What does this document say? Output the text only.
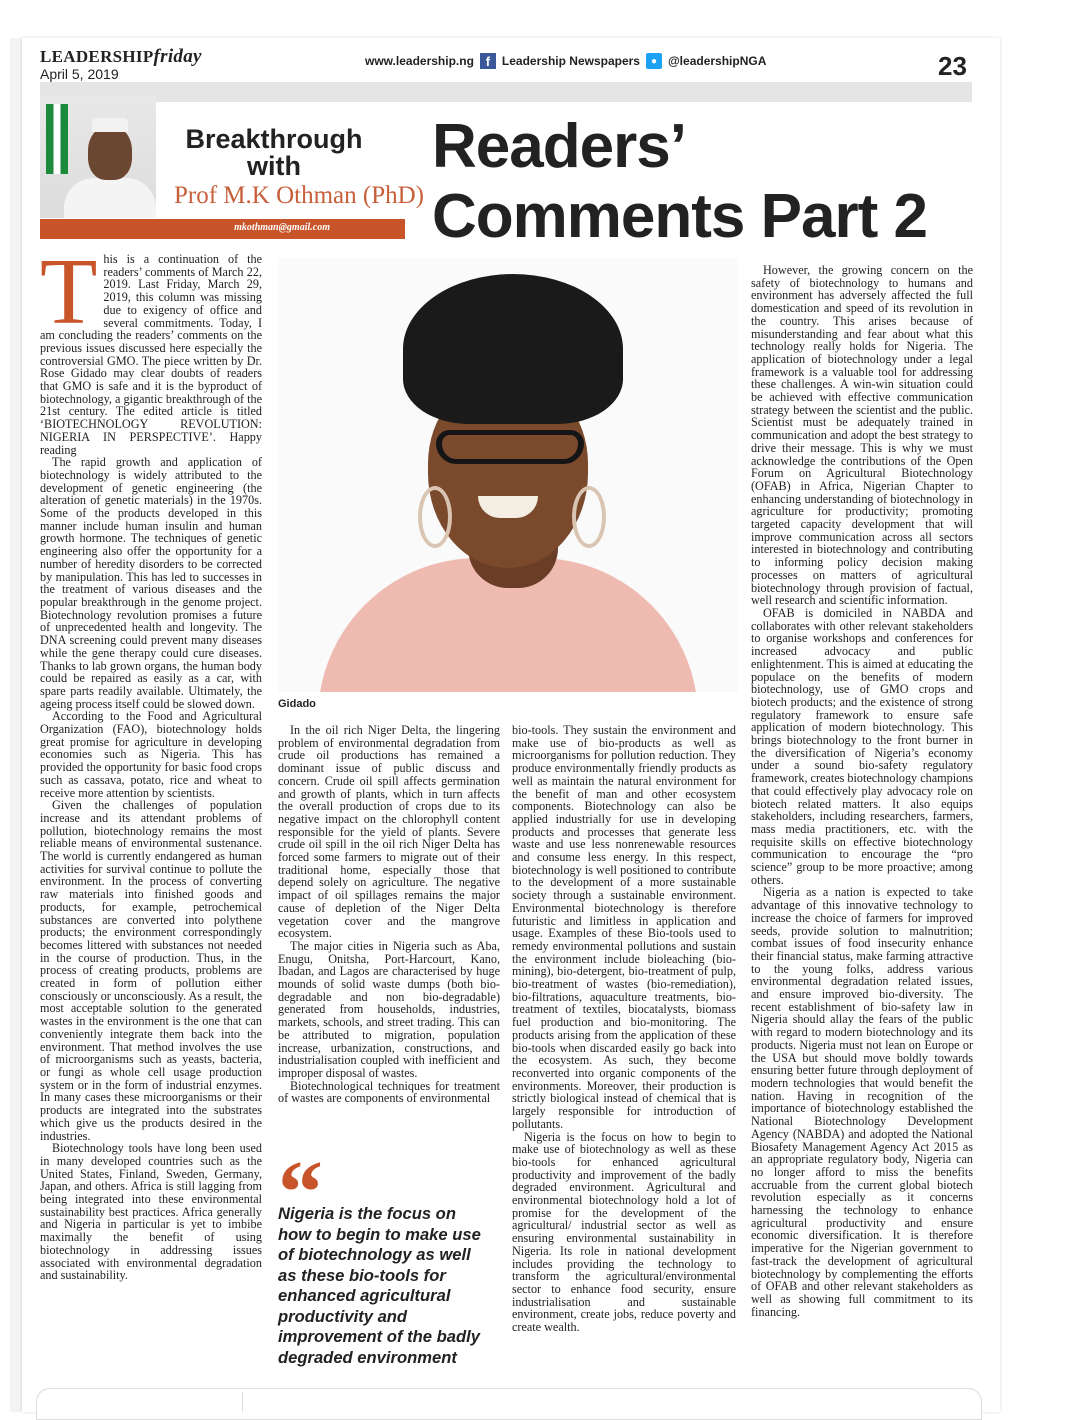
LEADERSHIPfriday
April 5, 2019
www.leadership.ng f Leadership Newspapers	● @leadershipNGA	23
Breakthrough
with
Prof M.K Othman (PhD)
mkothman@gmail.com
Readers’
Comments Part 2

This is a continuation of the readers’ comments of March 22, 2019. Last Friday, March 29, 2019, this column was missing due to exigency of office and several commitments. Today, I am concluding the readers’ comments on the previous issues discussed here especially the controversial GMO. The piece written by Dr. Rose Gidado may clear doubts of readers that GMO is safe and it is the byproduct of biotechnology, a gigantic breakthrough of the 21st century. The edited article is titled ‘BIOTECHNOLOGY REVOLUTION: NIGERIA IN PERSPECTIVE’. Happy reading

The rapid growth and application of biotechnology is widely attributed to the development of genetic engineering (the alteration of genetic materials) in the 1970s. Some of the products developed in this manner include human insulin and human growth hormone. The techniques of genetic engineering also offer the opportunity for a number of heredity disorders to be corrected by manipulation. This has led to successes in the treatment of various diseases and the popular breakthrough in the genome project. Biotechnology revolution promises a future of unprecedented health and longevity. The DNA screening could prevent many diseases while the gene therapy could cure diseases. Thanks to lab grown organs, the human body could be repaired as easily as a car, with spare parts readily available. Ultimately, the ageing process itself could be slowed down.

According to the Food and Agricultural Organization (FAO), biotechnology holds great promise for agriculture in developing economies such as Nigeria. This has provided the opportunity for basic food crops such as cassava, potato, rice and wheat to receive more attention by scientists.

Given the challenges of population increase and its attendant problems of pollution, biotechnology remains the most reliable means of environmental sustenance. The world is currently endangered as human activities for survival continue to pollute the environment. In the process of converting raw materials into finished goods and products, for example, petrochemical substances are converted into polythene products; the environment correspondingly becomes littered with substances not needed in the course of production. Thus, in the process of creating products, problems are created in form of pollution either consciously or unconsciously. As a result, the most acceptable solution to the generated wastes in the environment is the one that can conveniently integrate them back into the environment. That method involves the use of microorganisms such as yeasts, bacteria, or fungi as whole cell usage production system or in the form of industrial enzymes. In many cases these microorganisms or their products are integrated into the substrates which give us the products desired in the industries.

Biotechnology tools have long been used in many developed countries such as the United States, Finland, Sweden, Germany, Japan, and others. Africa is still lagging from being integrated into these environmental sustainability best practices. Africa generally and Nigeria in particular is yet to imbibe maximally the benefit of using biotechnology in addressing issues associated with environmental degradation and sustainability.

Gidado

In the oil rich Niger Delta, the lingering problem of environmental degradation from crude oil productions has remained a dominant issue of public discuss and concern. Crude oil spill affects germination and growth of plants, which in turn affects the overall production of crops due to its negative impact on the chlorophyll content responsible for the yield of plants. Severe crude oil spill in the oil rich Niger Delta has forced some farmers to migrate out of their traditional home, especially those that depend solely on agriculture. The negative impact of oil spillages remains the major cause of depletion of the Niger Delta vegetation cover and the mangrove ecosystem.

The major cities in Nigeria such as Aba, Enugu, Onitsha, Port-Harcourt, Kano, Ibadan, and Lagos are characterised by huge mounds of solid waste dumps (both bio-degradable and non bio-degradable) generated from households, industries, markets, schools, and street trading. This can be attributed to migration, population increase, urbanization, constructions, and industrialisation coupled with inefficient and improper disposal of wastes.

Biotechnological techniques for treatment of wastes are components of environmental

“
Nigeria is the focus on how to begin to make use of biotechnology as well as these bio-tools for enhanced agricultural productivity and improvement of the badly degraded environment

bio-tools. They sustain the environment and make use of bio-products as well as microorganisms for pollution reduction. They produce environmentally friendly products as well as maintain the natural environment for the benefit of man and other ecosystem components. Biotechnology can also be applied industrially for use in developing products and processes that generate less waste and use less nonrenewable resources and consume less energy. In this respect, biotechnology is well positioned to contribute to the development of a more sustainable society through a sustainable environment. Environmental biotechnology is therefore futuristic and limitless in application and usage. Examples of these Bio-tools used to remedy environmental pollutions and sustain the environment include bioleaching (bio-mining), bio-detergent, bio-treatment of pulp, bio-treatment of wastes (bio-remediation), bio-filtrations, aquaculture treatments, bio-treatment of textiles, biocatalysts, biomass fuel production and bio-monitoring. The products arising from the application of these bio-tools when discarded easily go back into the ecosystem. As such, they become reconverted into organic components of the environments. Moreover, their production is strictly biological instead of chemical that is largely responsible for introduction of pollutants.

Nigeria is the focus on how to begin to make use of biotechnology as well as these bio-tools for enhanced agricultural productivity and improvement of the badly degraded environment. Agricultural and environmental biotechnology hold a lot of promise for the development of the agricultural/ industrial sector as well as ensuring environmental sustainability in Nigeria. Its role in national development includes providing the technology to transform the agricultural/environmental sector to enhance food security, ensure industrialisation and sustainable environment, create jobs, reduce poverty and create wealth.

However, the growing concern on the safety of biotechnology to humans and environment has adversely affected the full domestication and speed of its revolution in the country. This arises because of misunderstanding and fear about what this technology really holds for Nigeria. The application of biotechnology under a legal framework is a valuable tool for addressing these challenges. A win-win situation could be achieved with effective communication strategy between the scientist and the public. Scientist must be adequately trained in communication and adopt the best strategy to drive their message. This is why we must acknowledge the contributions of the Open Forum on Agricultural Biotechnology (OFAB) in Africa, Nigerian Chapter to enhancing understanding of biotechnology in agriculture for productivity; promoting targeted capacity development that will improve communication across all sectors interested in biotechnology and contributing to informing policy decision making processes on matters of agricultural biotechnology through provision of factual, well research and scientific information.

OFAB is domiciled in NABDA and collaborates with other relevant stakeholders to organise workshops and conferences for increased advocacy and public enlightenment. This is aimed at educating the populace on the benefits of modern biotechnology, use of GMO crops and biotech products; and the existence of strong regulatory framework to ensure safe application of modern biotechnology. This brings biotechnology to the front burner in the diversification of Nigeria’s economy under a sound bio-safety regulatory framework, creates biotechnology champions that could effectively play advocacy role on biotech related matters. It also equips stakeholders, including researchers, farmers, mass media practitioners, etc. with the requisite skills on effective biotechnology communication to encourage the “pro science” group to be more proactive; among others.

Nigeria as a nation is expected to take advantage of this innovative technology to increase the choice of farmers for improved seeds, provide solution to malnutrition; combat issues of food insecurity enhance their financial status, make farming attractive to the young folks, address various environmental degradation related issues, and ensure improved bio-diversity. The recent establishment of bio-safety law in Nigeria should allay the fears of the public with regard to modern biotechnology and its products. Nigeria must not lean on Europe or the USA but should move boldly towards ensuring better future through deployment of modern technologies that would benefit the nation. Having in recognition of the importance of biotechnology established the National Biotechnology Development Agency (NABDA) and adopted the National Biosafety Management Agency Act 2015 as an appropriate regulatory body, Nigeria can no longer afford to miss the benefits accruable from the current global biotech revolution especially as it concerns harnessing the technology to enhance agricultural productivity and ensure economic diversification. It is therefore imperative for the Nigerian government to fast-track the development of agricultural biotechnology by complementing the efforts of OFAB and other relevant stakeholders as well as showing full commitment to its financing.
